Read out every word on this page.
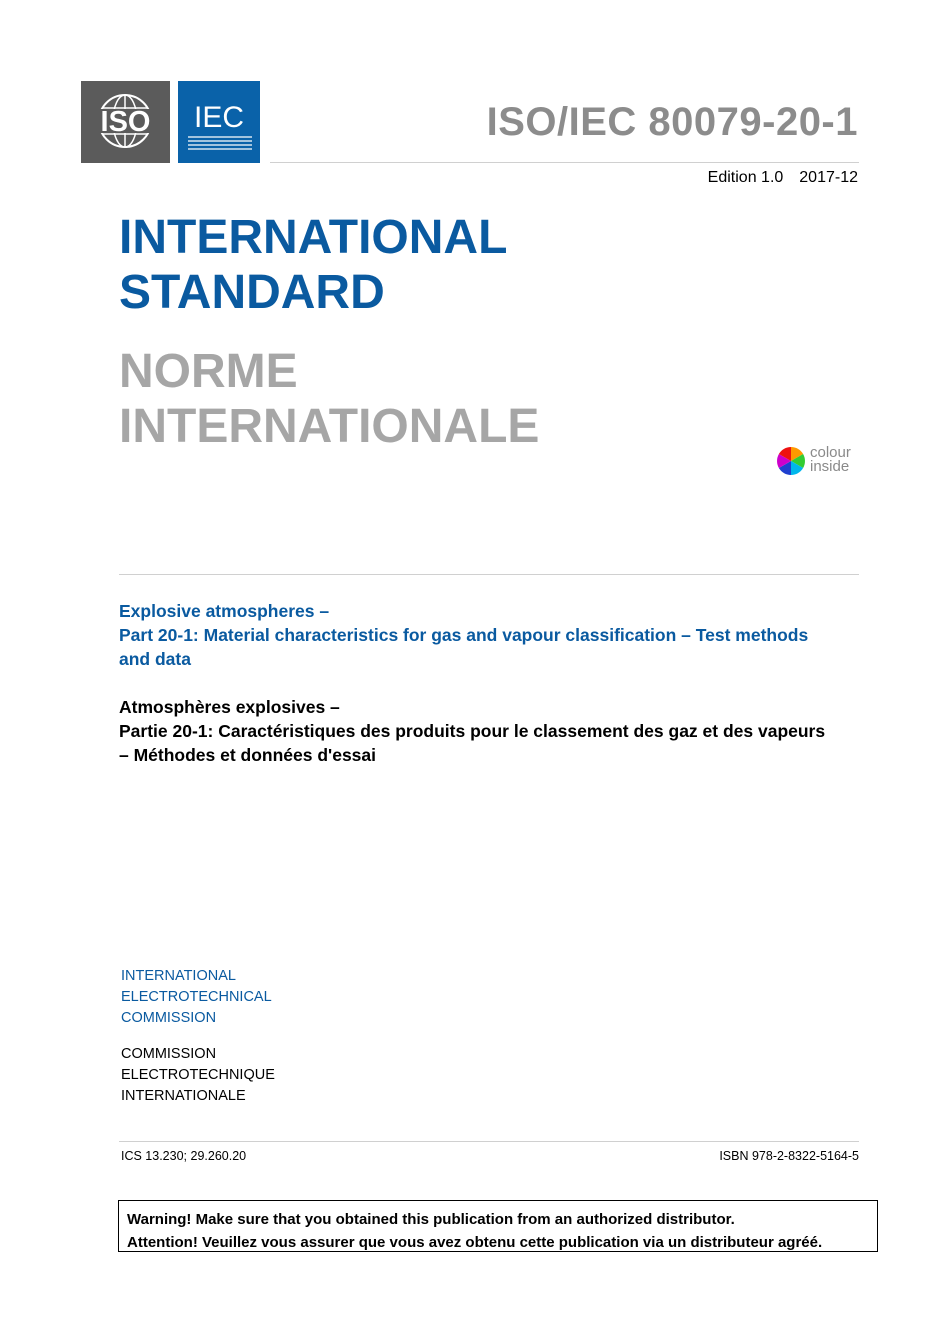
ISO IEC	ISO/IEC 80079-20-1
Edition 1.0 2017-12
INTERNATIONAL
STANDARD
NORME
INTERNATIONALE	colour
inside
Explosive atmospheres –
Part 20-1: Material characteristics for gas and vapour classification – Test methods and data
Atmosphères explosives –
Partie 20-1: Caractéristiques des produits pour le classement des gaz et des vapeurs – Méthodes et données d'essai
INTERNATIONAL
ELECTROTECHNICAL
COMMISSION
COMMISSION
ELECTROTECHNIQUE
INTERNATIONALE
ICS 13.230; 29.260.20	ISBN 978-2-8322-5164-5
Warning! Make sure that you obtained this publication from an authorized distributor.
Attention! Veuillez vous assurer que vous avez obtenu cette publication via un distributeur agréé.
